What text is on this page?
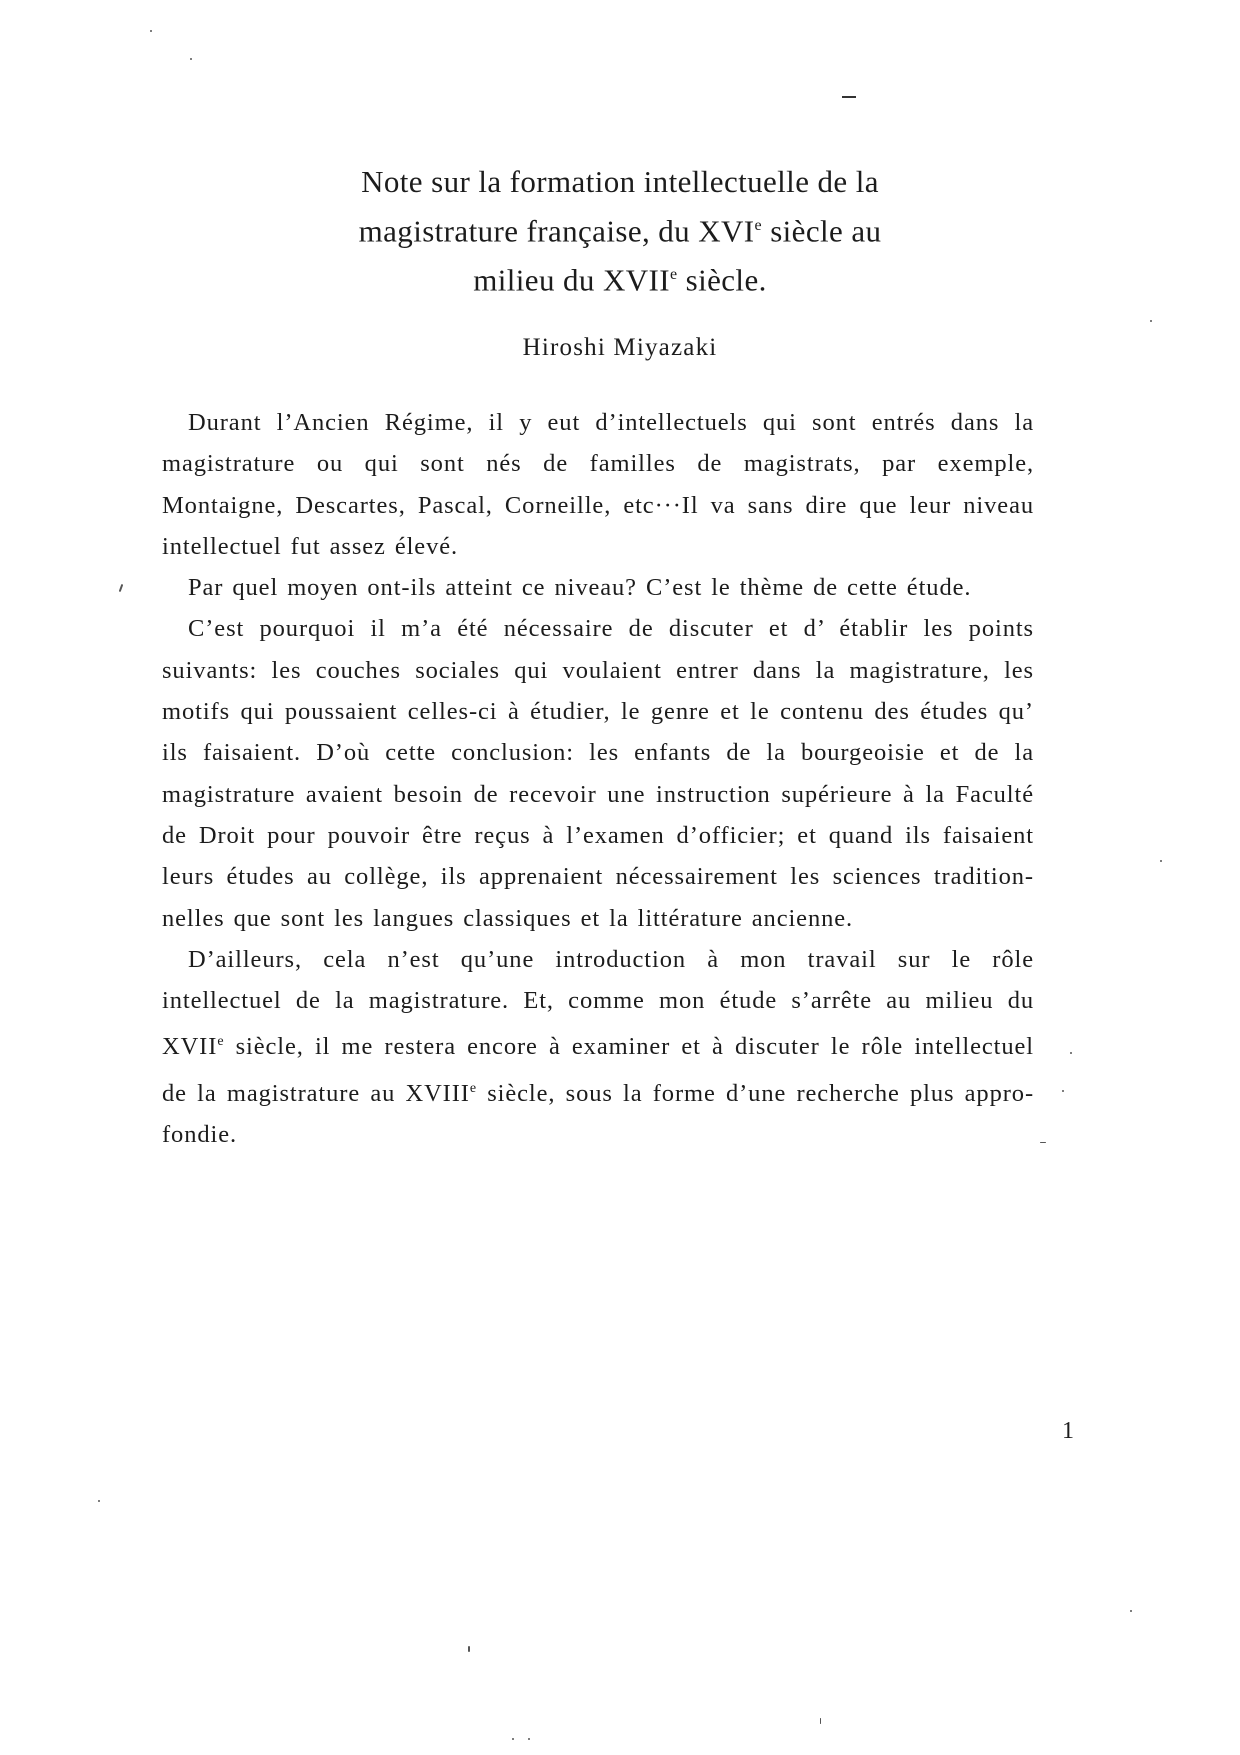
Note sur la formation intellectuelle de la
magistrature française, du XVIe siècle au
milieu du XVIIe siècle.
Hiroshi Miyazaki

Durant l’Ancien Régime, il y eut d’intellectuels qui sont entrés dans la magistrature ou qui sont nés de familles de magistrats, par exemple, Montaigne, Descartes, Pascal, Corneille, etc···Il va sans dire que leur niveau intellectuel fut assez élevé.

Par quel moyen ont-ils atteint ce niveau? C’est le thème de cette étude.

C’est pourquoi il m’a été nécessaire de discuter et d’ établir les points suivants: les couches sociales qui voulaient entrer dans la magistrature, les motifs qui poussaient celles-ci à étudier, le genre et le contenu des études qu’ ils faisaient. D’où cette conclusion: les enfants de la bourgeoisie et de la magistrature avaient besoin de recevoir une instruction supérieure à la Faculté de Droit pour pouvoir être reçus à l’examen d’officier; et quand ils faisaient leurs études au collège, ils apprenaient nécessairement les sciences tradition-nelles que sont les langues classiques et la littérature ancienne.

D’ailleurs, cela n’est qu’une introduction à mon travail sur le rôle intellectuel de la magistrature. Et, comme mon étude s’arrête au milieu du XVIIe siècle, il me restera encore à examiner et à discuter le rôle intellectuel de la magistrature au XVIIIe siècle, sous la forme d’une recherche plus appro-fondie.

1
